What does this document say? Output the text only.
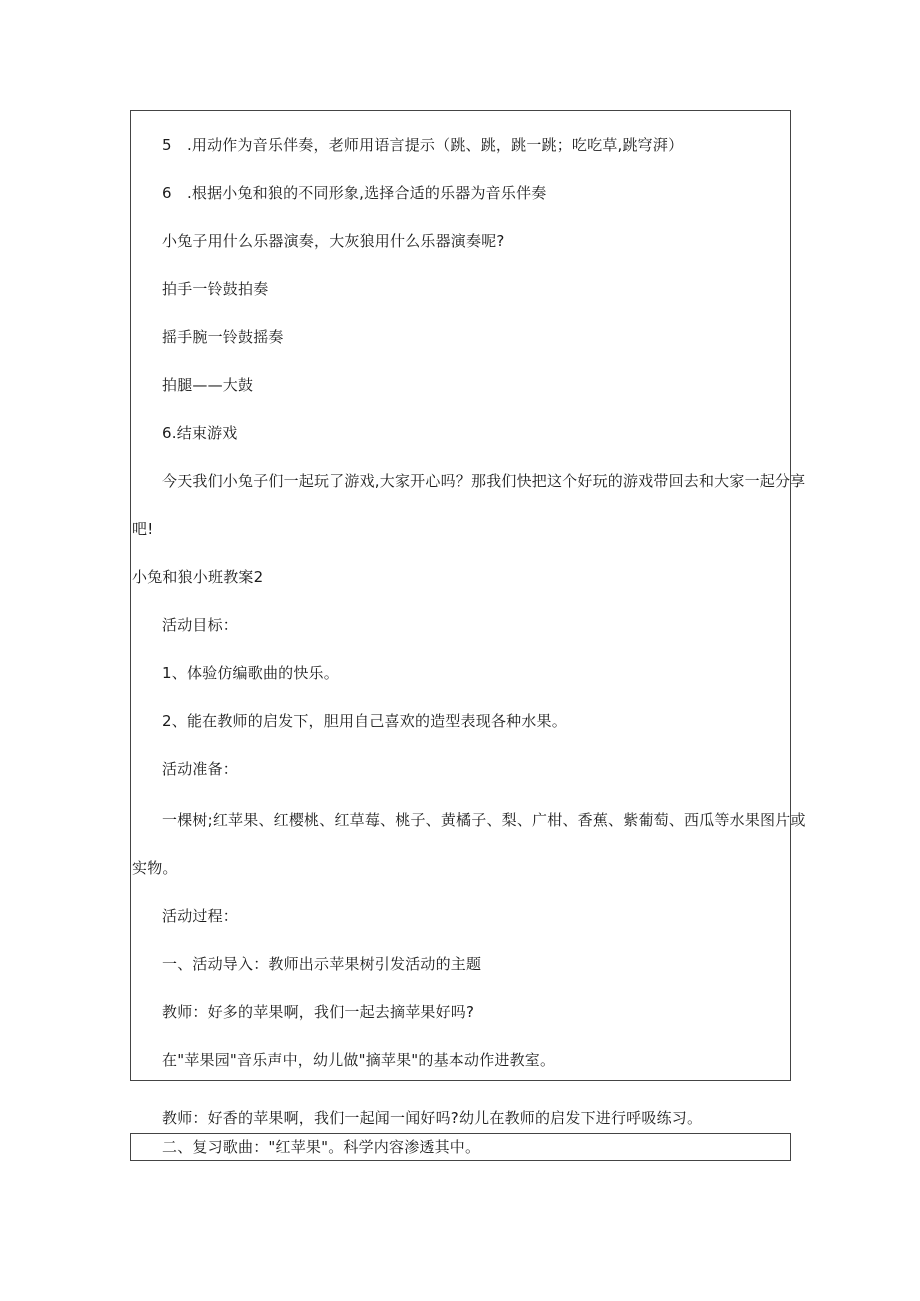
5　.用动作为音乐伴奏，老师用语言提示（跳、跳，跳一跳；吃吃草,跳穹湃）
6　.根据小兔和狼的不同形象,选择合适的乐器为音乐伴奏
小兔子用什么乐器演奏，大灰狼用什么乐器演奏呢?
拍手一铃鼓拍奏
摇手腕一铃鼓摇奏
拍腿——大鼓
6.结束游戏
今天我们小兔子们一起玩了游戏,大家开心吗？那我们快把这个好玩的游戏带回去和大家一起分享
吧!
小兔和狼小班教案2
活动目标：
1、体验仿编歌曲的快乐。
2、能在教师的启发下，胆用自己喜欢的造型表现各种水果。
活动准备：
一棵树;红苹果、红樱桃、红草莓、桃子、黄橘子、梨、广柑、香蕉、紫葡萄、西瓜等水果图片或
实物。
活动过程：
一、活动导入：教师出示苹果树引发活动的主题
教师：好多的苹果啊，我们一起去摘苹果好吗?
在"苹果园"音乐声中，幼儿做"摘苹果"的基本动作进教室。
教师：好香的苹果啊，我们一起闻一闻好吗?幼儿在教师的启发下进行呼吸练习。
二、复习歌曲："红苹果"。科学内容渗透其中。
